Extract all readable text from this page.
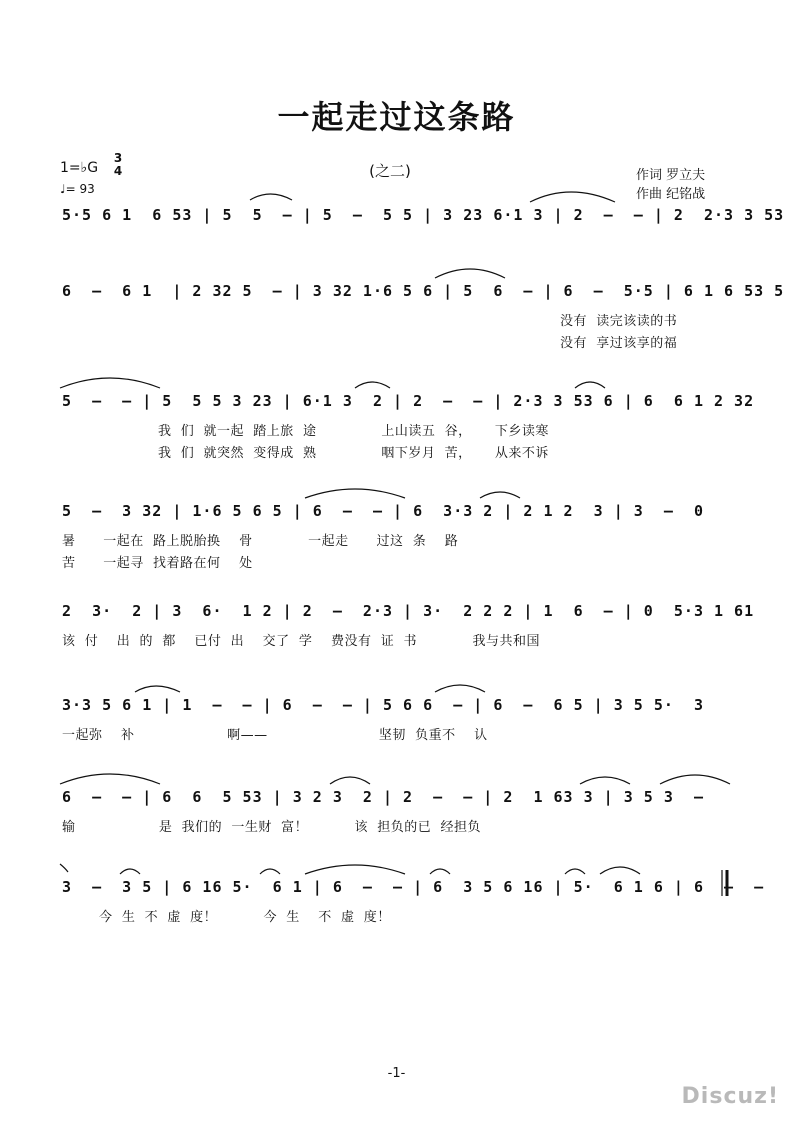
一起走过这条路
1=♭G
3
4
♩= 93
(之二)	作词 罗立夫
作曲 纪铭战
5·5 6 1  6 53 | 5  5  – | 5  –  5 5 | 3 23 6·1 3 | 2  –  – | 2  2·3 3 53
6  –  6 1  | 2 32 5  – | 3 32 1·6 5 6 | 5  6  – | 6  –  5·5 | 6 1 6 53 5
没有  读完该读的书
没有  享过该享的福
5  –  – | 5  5 5 3 23 | 6·1 3  2 | 2  –  – | 2·3 3 53 6 | 6  6 1 2 32
我  们  就一起  踏上旅  途              上山读五  谷，     下乡读寒
我  们  就突然  变得成  熟              咽下岁月  苦，     从来不诉
5  –  3 32 | 1·6 5 6 5 | 6  –  – | 6  3·3 2 | 2 1 2  3 | 3  –  0
暑      一起在  路上脱胎换    骨            一起走      过这  条    路
苦      一起寻  找着路在何    处
2  3·  2 | 3  6·  1 2 | 2  –  2·3 | 3·  2 2 2 | 1  6  – | 0  5·3 1 61
该  付    出  的  都    已付  出    交了  学    费没有  证  书            我与共和国
3·3 5 6 1 | 1  –  – | 6  –  – | 5 6 6  – | 6  –  6 5 | 3 5 5·  3
一起弥    补                    啊——                        坚韧  负重不    认
6  –  – | 6  6  5 53 | 3 2 3  2 | 2  –  – | 2  1 63 3 | 3 5 3  –
输                  是  我们的  一生财  富！          该  担负的已  经担负
3  –  3 5 | 6 16 5·  6 1 | 6  –  – | 6  3 5 6 16 | 5·  6 1 6 | 6  –  –
今  生  不  虚  度！          今  生    不  虚  度！
-1-
Discuz!
